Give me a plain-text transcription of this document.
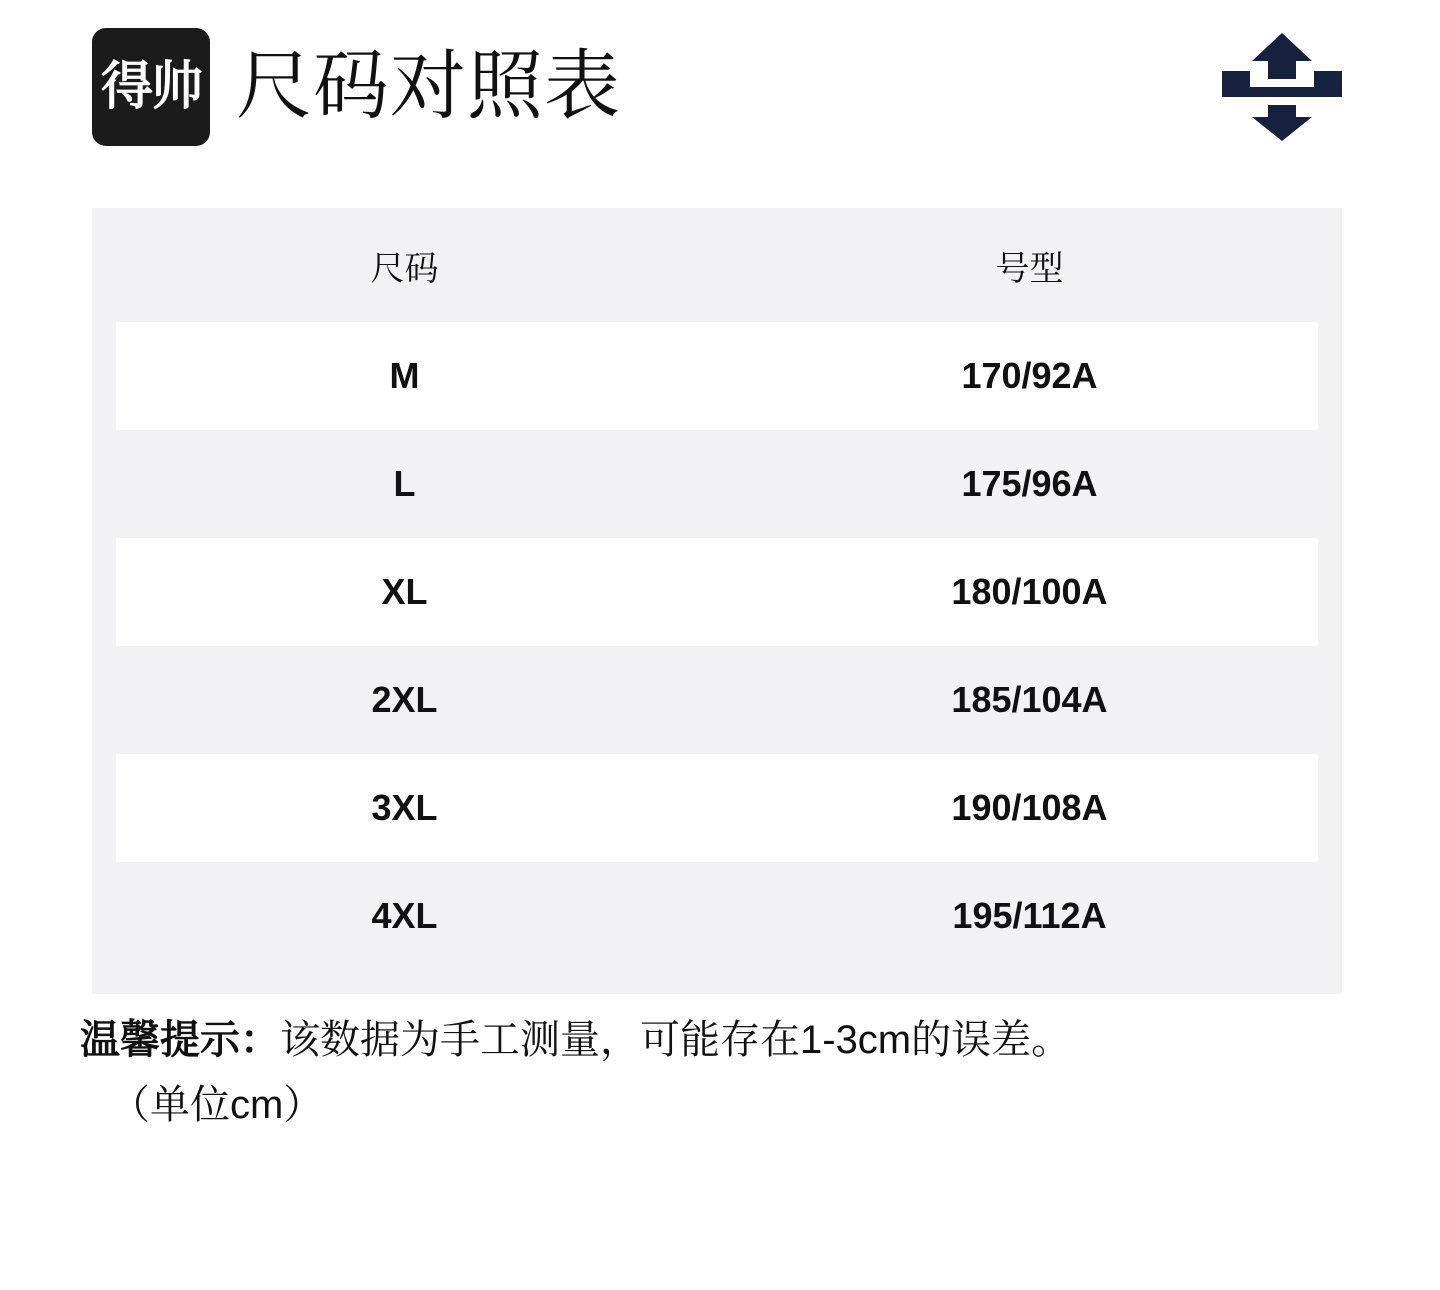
得帅 尺码对照表
尺码	号型
M	170/92A
L	175/96A
XL	180/100A
2XL	185/104A
3XL	190/108A
4XL	195/112A
温馨提示：该数据为手工测量，可能存在1-3cm的误差。
（单位cm）
